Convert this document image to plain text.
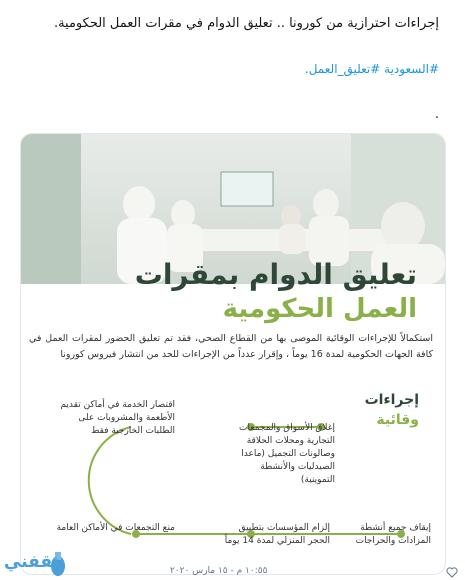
إجراءات احترازية من كورونا .. تعليق الدوام في مقرات العمل الحكومية.
#السعودية #تعليق_العمل.
.
تعليق الدوام بمقرات
العمل الحكومية
استكمالاً للإجراءات الوقائية الموصى بها من القطاع الصحي، فقد تم تعليق الحضور لمقرات العمل في كافة الجهات الحكومية لمدة 16 يوماً ، وإقرار عدداً من الإجراءات للحد من انتشار فيروس كورونا
إجراءات
وقائية
إغلاق الأسواق والمجمعات التجارية ومحلات الحلاقة وصالونات التجميل (ماعدا الصيدليات والأنشطة التموينية)
اقتصار الخدمة في أماكن تقديم الأطعمة والمشروبات على الطلبات الخارجية فقط
إيقاف جميع أنشطة المزادات والحراجات
إلزام المؤسسات بتطبيق الحجر المنزلي لمدة 14 يوماً
منع التجمعات في الأماكن العامة
ثقفني	١٠:٥٥ م - ١٥ مارس ٢٠٢٠
